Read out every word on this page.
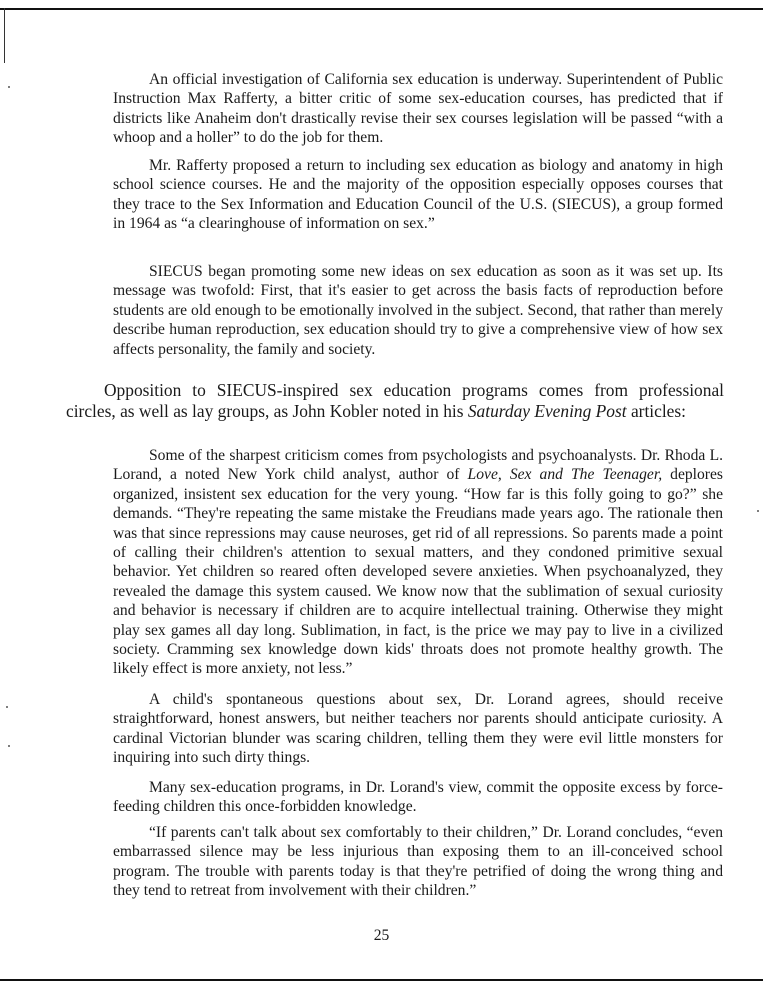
An official investigation of California sex education is underway. Superintendent of Public Instruction Max Rafferty, a bitter critic of some sex-education courses, has predicted that if districts like Anaheim don't drastically revise their sex courses legislation will be passed “with a whoop and a holler” to do the job for them.

Mr. Rafferty proposed a return to including sex education as biology and anatomy in high school science courses. He and the majority of the opposition especially opposes courses that they trace to the Sex Information and Education Council of the U.S. (SIECUS), a group formed in 1964 as “a clearinghouse of information on sex.”

SIECUS began promoting some new ideas on sex education as soon as it was set up. Its message was twofold: First, that it's easier to get across the basis facts of reproduction before students are old enough to be emotionally involved in the subject. Second, that rather than merely describe human reproduction, sex education should try to give a comprehensive view of how sex affects personality, the family and society.

Opposition to SIECUS-inspired sex education programs comes from professional circles, as well as lay groups, as John Kobler noted in his Saturday Evening Post articles:

Some of the sharpest criticism comes from psychologists and psychoanalysts. Dr. Rhoda L. Lorand, a noted New York child analyst, author of Love, Sex and The Teenager, deplores organized, insistent sex education for the very young. “How far is this folly going to go?” she demands. “They're repeating the same mistake the Freudians made years ago. The rationale then was that since repressions may cause neuroses, get rid of all repressions. So parents made a point of calling their children's attention to sexual matters, and they condoned primitive sexual behavior. Yet children so reared often developed severe anxieties. When psychoanalyzed, they revealed the damage this system caused. We know now that the sublimation of sexual curiosity and behavior is necessary if children are to acquire intellectual training. Otherwise they might play sex games all day long. Sublimation, in fact, is the price we may pay to live in a civilized society. Cramming sex knowledge down kids' throats does not promote healthy growth. The likely effect is more anxiety, not less.”

A child's spontaneous questions about sex, Dr. Lorand agrees, should receive straightforward, honest answers, but neither teachers nor parents should anticipate curiosity. A cardinal Victorian blunder was scaring children, telling them they were evil little monsters for inquiring into such dirty things.

Many sex-education programs, in Dr. Lorand's view, commit the opposite excess by force-feeding children this once-forbidden knowledge.

“If parents can't talk about sex comfortably to their children,” Dr. Lorand concludes, “even embarrassed silence may be less injurious than exposing them to an ill-conceived school program. The trouble with parents today is that they're petrified of doing the wrong thing and they tend to retreat from involvement with their children.”

25
